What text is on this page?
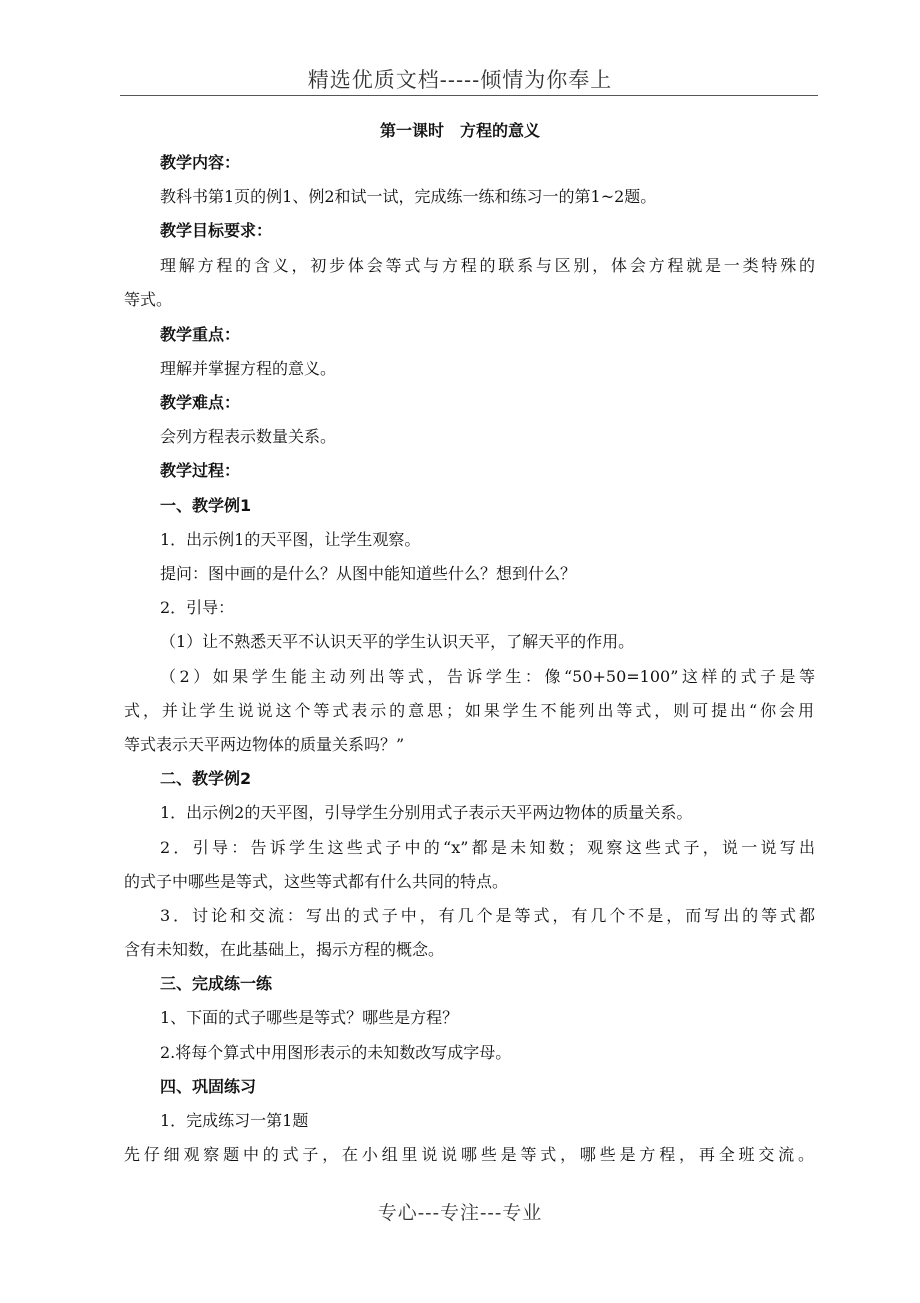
精选优质文档-----倾情为你奉上
第一课时　方程的意义
教学内容：
教科书第1页的例1、例2和试一试，完成练一练和练习一的第1~2题。
教学目标要求：
理解方程的含义，初步体会等式与方程的联系与区别，体会方程就是一类特殊的
等式。
教学重点：
理解并掌握方程的意义。
教学难点：
会列方程表示数量关系。
教学过程：
一、教学例1
1．出示例1的天平图，让学生观察。
提问：图中画的是什么？从图中能知道些什么？想到什么？
2．引导：
（1）让不熟悉天平不认识天平的学生认识天平，了解天平的作用。
（2）如果学生能主动列出等式，告诉学生：像“50+50=100”这样的式子是等
式，并让学生说说这个等式表示的意思；如果学生不能列出等式，则可提出“你会用
等式表示天平两边物体的质量关系吗？”
二、教学例2
1．出示例2的天平图，引导学生分别用式子表示天平两边物体的质量关系。
2．引导：告诉学生这些式子中的“x”都是未知数；观察这些式子，说一说写出
的式子中哪些是等式，这些等式都有什么共同的特点。
3．讨论和交流：写出的式子中，有几个是等式，有几个不是，而写出的等式都
含有未知数，在此基础上，揭示方程的概念。
三、完成练一练
1、下面的式子哪些是等式？哪些是方程？
2.将每个算式中用图形表示的未知数改写成字母。
四、巩固练习
1．完成练习一第1题
先仔细观察题中的式子，在小组里说说哪些是等式，哪些是方程，再全班交流。
专心---专注---专业
